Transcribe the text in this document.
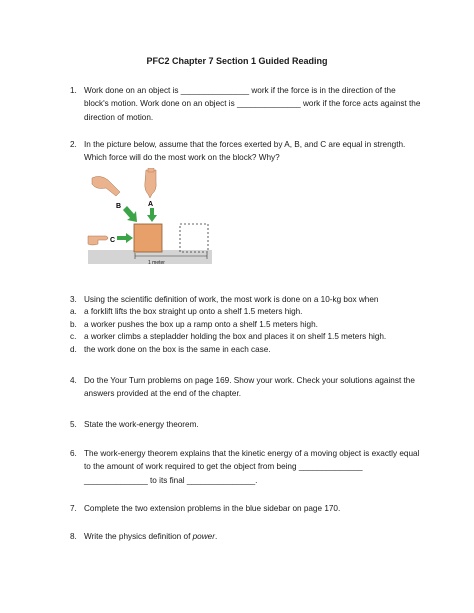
PFC2 Chapter 7 Section 1 Guided Reading
1. Work done on an object is _______________ work if the force is in the direction of the block's motion. Work done on an object is ______________ work if the force acts against the direction of motion.
2. In the picture below, assume that the forces exerted by A, B, and C are equal in strength. Which force will do the most work on the block? Why?
1 meter
A
B
C
3. Using the scientific definition of work, the most work is done on a 10-kg box when
a. a forklift lifts the box straight up onto a shelf 1.5 meters high.
b. a worker pushes the box up a ramp onto a shelf 1.5 meters high.
c. a worker climbs a stepladder holding the box and places it on shelf 1.5 meters high.
d. the work done on the box is the same in each case.
4. Do the Your Turn problems on page 169. Show your work. Check your solutions against the answers provided at the end of the chapter.
5. State the work-energy theorem.
6. The work-energy theorem explains that the kinetic energy of a moving object is exactly equal to the amount of work required to get the object from being ______________ ______________ to its final _______________.
7. Complete the two extension problems in the blue sidebar on page 170.
8. Write the physics definition of power.
